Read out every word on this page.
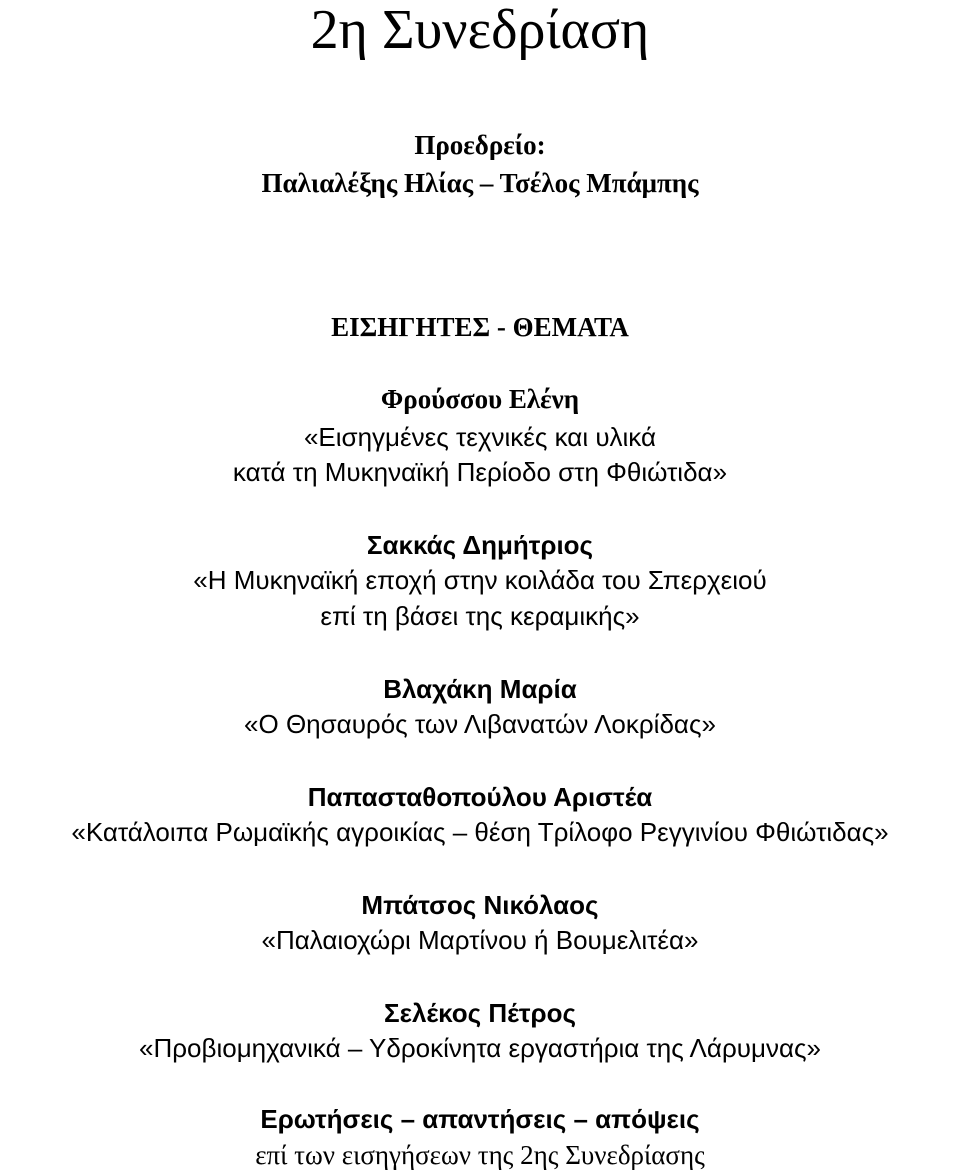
2η Συνεδρίαση
Προεδρείο:
Παλιαλέξης Ηλίας – Τσέλος Μπάμπης
ΕΙΣΗΓΗΤΕΣ - ΘΕΜΑΤΑ
Φρούσσου Ελένη
«Εισηγμένες τεχνικές και υλικά
κατά τη Μυκηναϊκή Περίοδο στη Φθιώτιδα»
Σακκάς Δημήτριος
«Η Μυκηναϊκή εποχή στην κοιλάδα του Σπερχειού
επί τη βάσει της κεραμικής»
Βλαχάκη Μαρία
«Ο Θησαυρός των Λιβανατών Λοκρίδας»
Παπασταθοπούλου Αριστέα
«Κατάλοιπα Ρωμαϊκής αγροικίας – θέση Τρίλοφο Ρεγγινίου Φθιώτιδας»
Μπάτσος Νικόλαος
«Παλαιοχώρι Μαρτίνου ή Βουμελιτέα»
Σελέκος Πέτρος
«Προβιομηχανικά – Υδροκίνητα εργαστήρια της Λάρυμνας»
Ερωτήσεις – απαντήσεις – απόψεις
επί των εισηγήσεων της 2ης Συνεδρίασης
